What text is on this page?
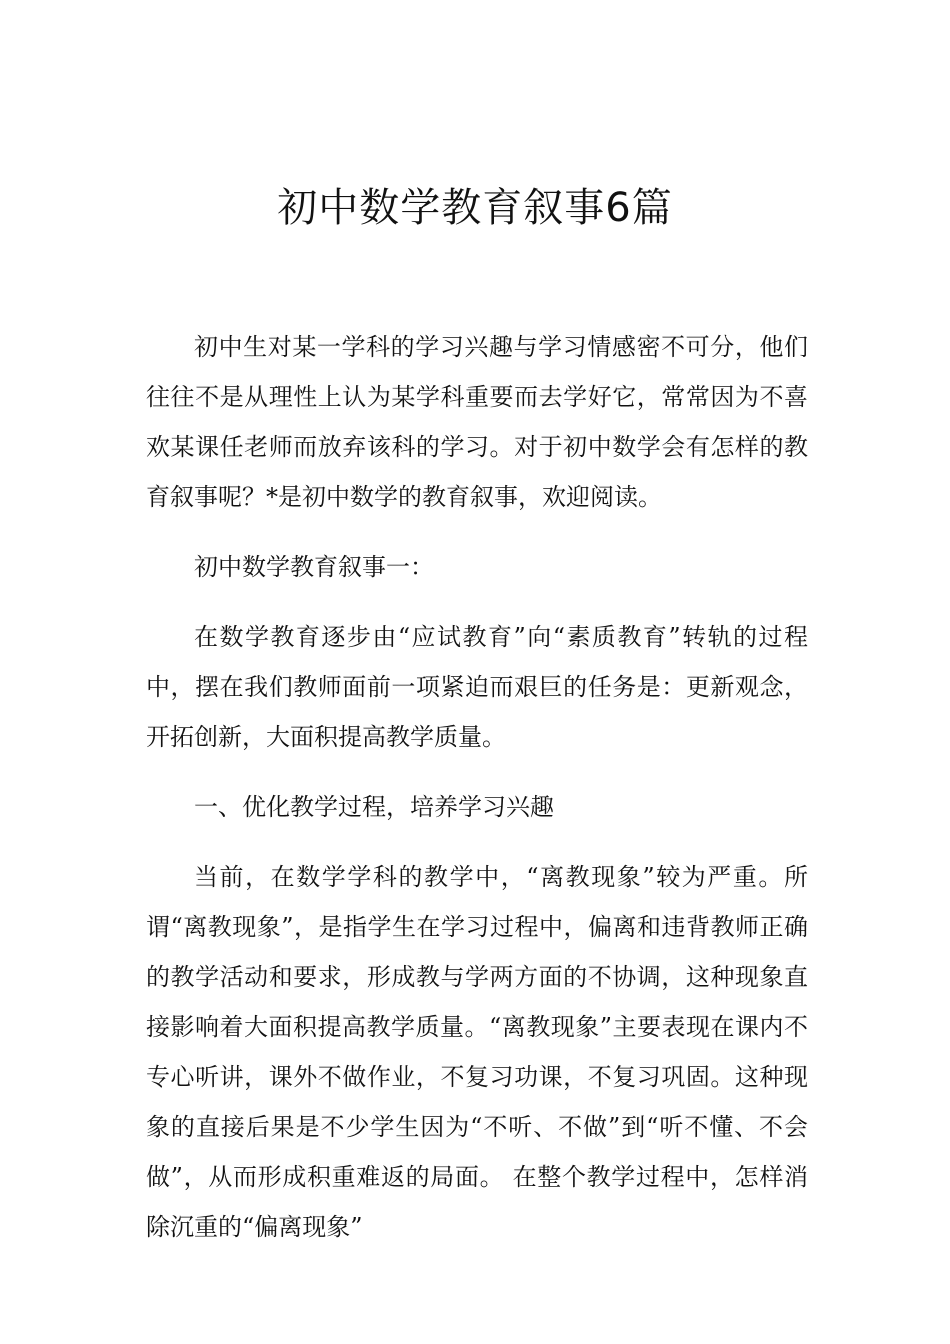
初中数学教育叙事6篇

初中生对某一学科的学习兴趣与学习情感密不可分，他们往往不是从理性上认为某学科重要而去学好它，常常因为不喜欢某课任老师而放弃该科的学习。对于初中数学会有怎样的教育叙事呢？*是初中数学的教育叙事，欢迎阅读。

初中数学教育叙事一：

在数学教育逐步由“应试教育”向“素质教育”转轨的过程中，摆在我们教师面前一项紧迫而艰巨的任务是：更新观念，开拓创新，大面积提高教学质量。

一、优化教学过程，培养学习兴趣

当前，在数学学科的教学中，“离教现象”较为严重。所谓“离教现象”，是指学生在学习过程中，偏离和违背教师正确的教学活动和要求，形成教与学两方面的不协调，这种现象直接影响着大面积提高教学质量。“离教现象”主要表现在课内不专心听讲，课外不做作业，不复习功课，不复习巩固。这种现象的直接后果是不少学生因为“不听、不做”到“听不懂、不会做”，从而形成积重难返的局面。 在整个教学过程中，怎样消除沉重的“偏离现象”
